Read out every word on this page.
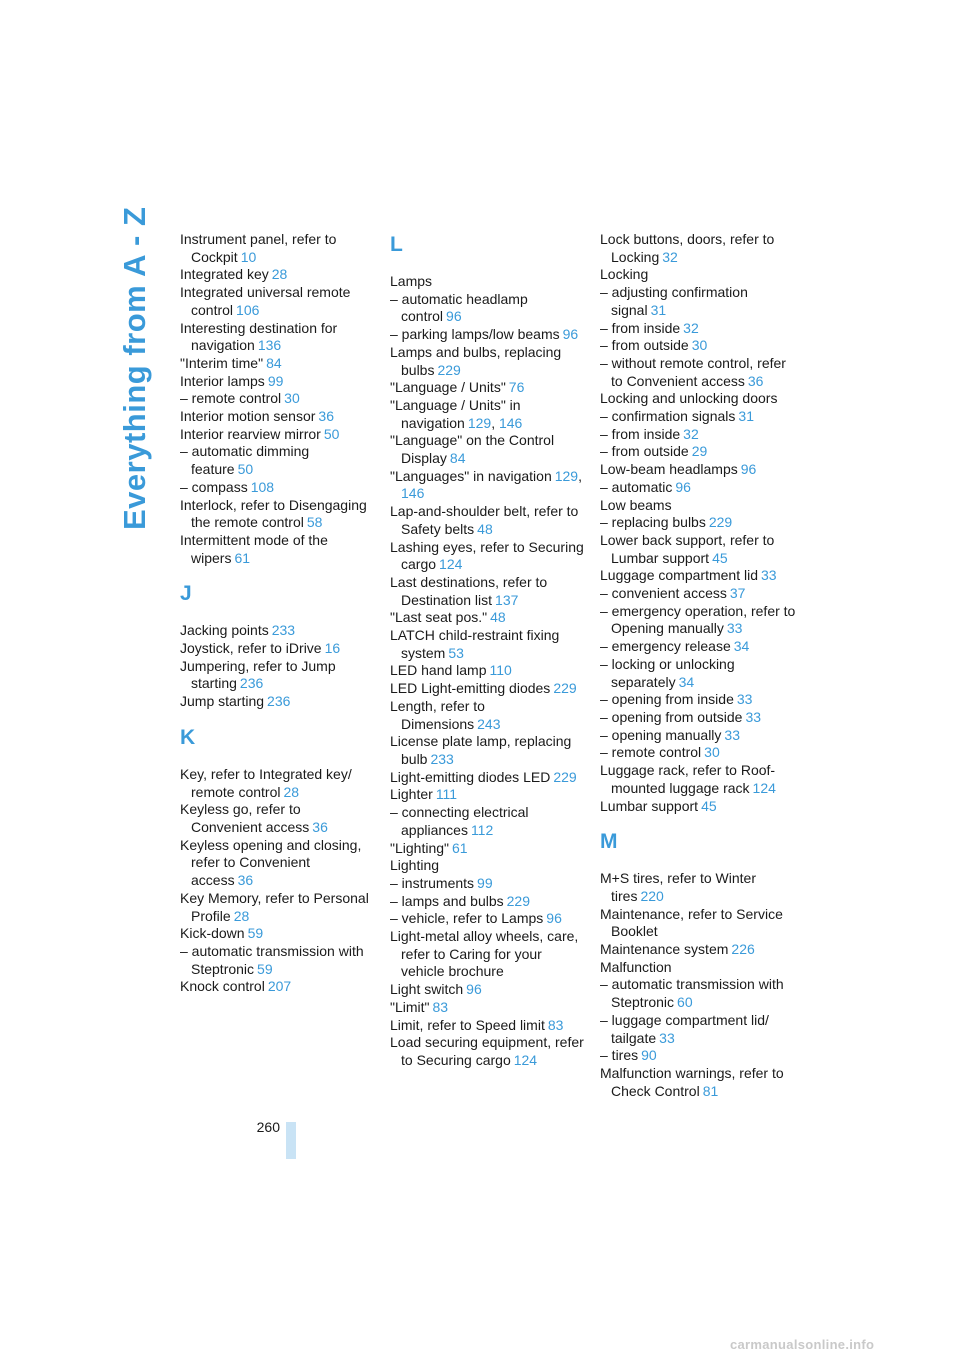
Everything from A - Z Instrument panel, refer to Cockpit 10
Integrated key 28
Integrated universal remote control 106
Interesting destination for navigation 136
"Interim time" 84
Interior lamps 99
– remote control 30
Interior motion sensor 36
Interior rearview mirror 50
– automatic dimming feature 50
– compass 108
Interlock, refer to Disengaging the remote control 58
Intermittent mode of the wipers 61
J
Jacking points 233
Joystick, refer to iDrive 16
Jumpering, refer to Jump starting 236
Jump starting 236
K
Key, refer to Integrated key/ remote control 28
Keyless go, refer to Convenient access 36
Keyless opening and closing, refer to Convenient access 36
Key Memory, refer to Personal Profile 28
Kick-down 59
– automatic transmission with Steptronic 59
Knock control 207
L
Lamps
– automatic headlamp control 96
– parking lamps/low beams 96
Lamps and bulbs, replacing bulbs 229
"Language / Units" 76
"Language / Units" in navigation 129, 146
"Language" on the Control Display 84
"Languages" in navigation 129, 146
Lap-and-shoulder belt, refer to Safety belts 48
Lashing eyes, refer to Securing cargo 124
Last destinations, refer to Destination list 137
"Last seat pos." 48
LATCH child-restraint fixing system 53
LED hand lamp 110
LED Light-emitting diodes 229
Length, refer to Dimensions 243
License plate lamp, replacing bulb 233
Light-emitting diodes LED 229
Lighter 111
– connecting electrical appliances 112
"Lighting" 61
Lighting
– instruments 99
– lamps and bulbs 229
– vehicle, refer to Lamps 96
Light-metal alloy wheels, care, refer to Caring for your vehicle brochure
Light switch 96
"Limit" 83
Limit, refer to Speed limit 83
Load securing equipment, refer to Securing cargo 124
Lock buttons, doors, refer to Locking 32
Locking
– adjusting confirmation signal 31
– from inside 32
– from outside 30
– without remote control, refer to Convenient access 36
Locking and unlocking doors
– confirmation signals 31
– from inside 32
– from outside 29
Low-beam headlamps 96
– automatic 96
Low beams
– replacing bulbs 229
Lower back support, refer to Lumbar support 45
Luggage compartment lid 33
– convenient access 37
– emergency operation, refer to Opening manually 33
– emergency release 34
– locking or unlocking separately 34
– opening from inside 33
– opening from outside 33
– opening manually 33
– remote control 30
Luggage rack, refer to Roof-mounted luggage rack 124
Lumbar support 45
M
M+S tires, refer to Winter tires 220
Maintenance, refer to Service Booklet
Maintenance system 226
Malfunction
– automatic transmission with Steptronic 60
– luggage compartment lid/ tailgate 33
– tires 90
Malfunction warnings, refer to Check Control 81
260
carmanualsonline.info
